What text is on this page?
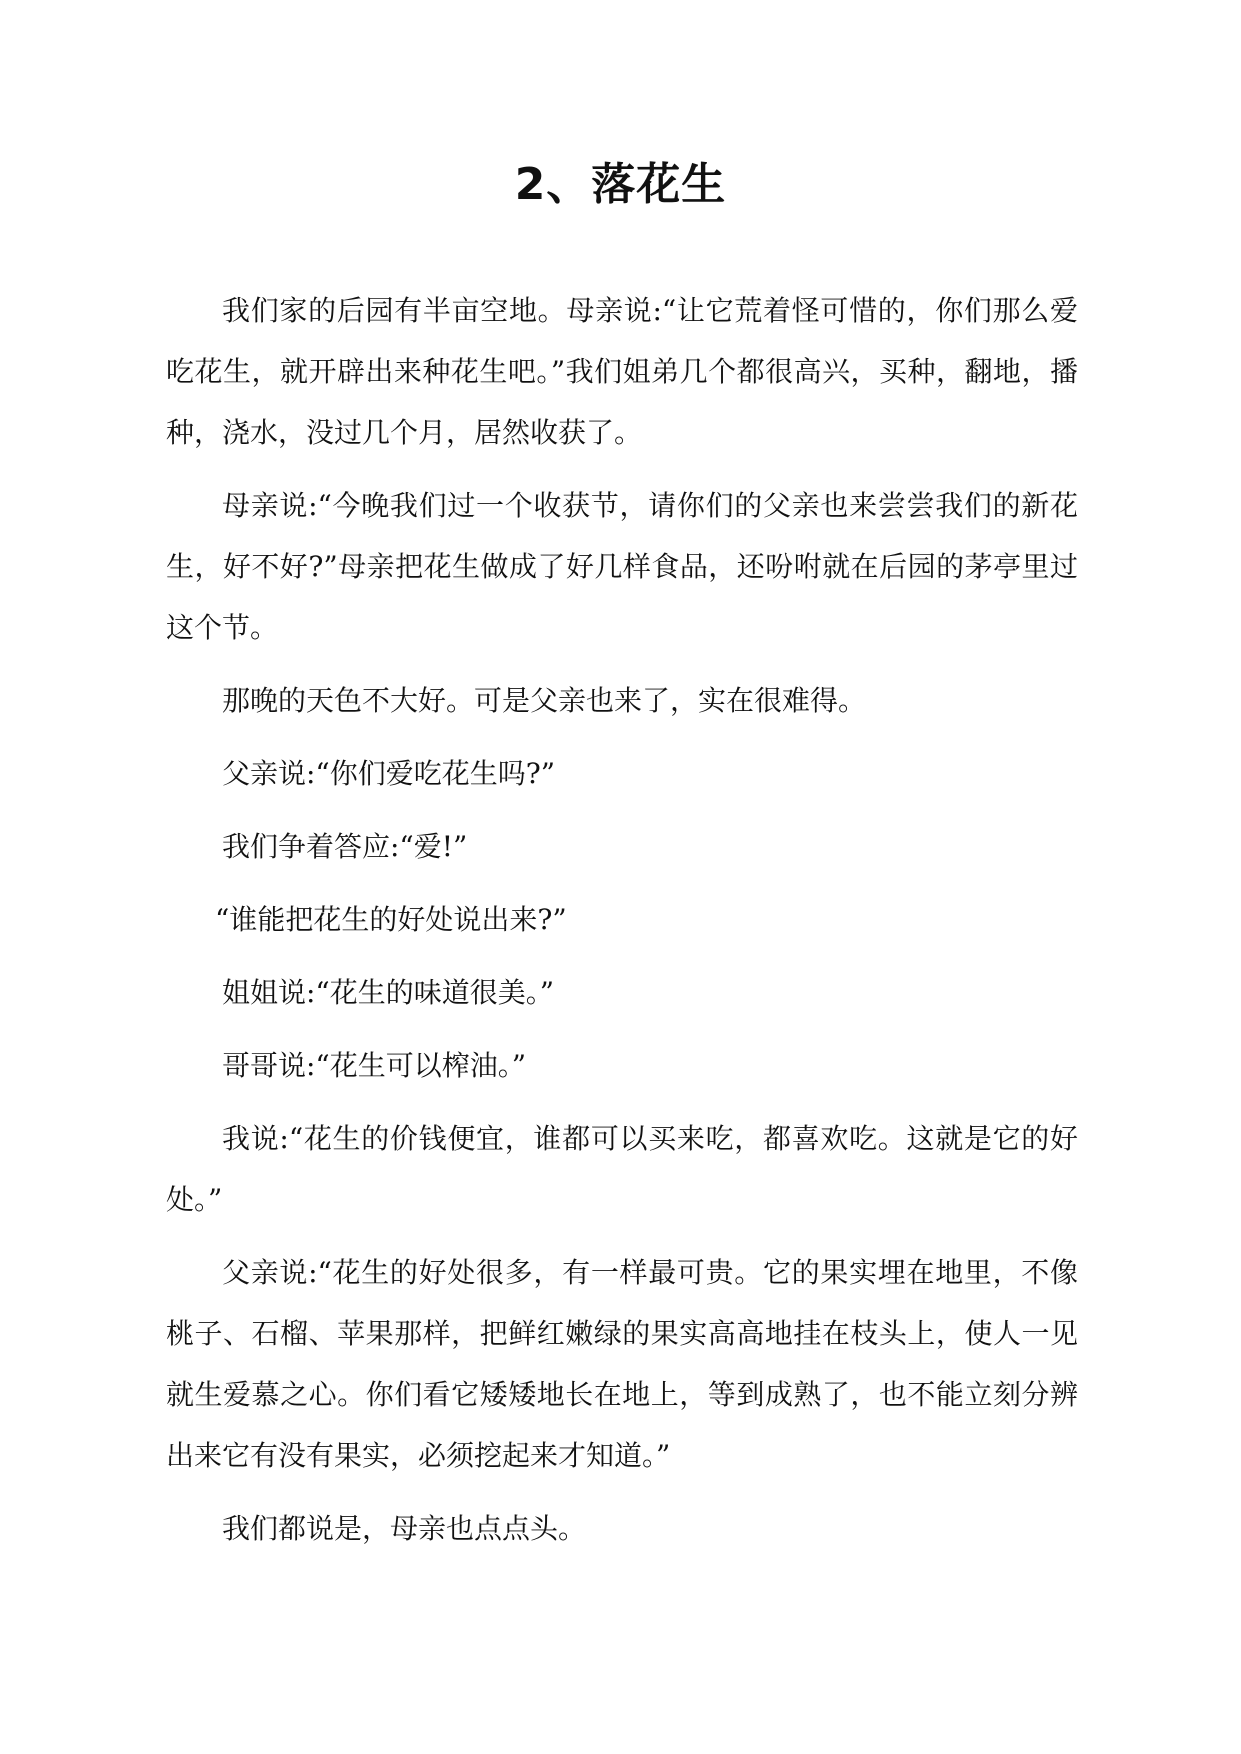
2、落花生

我们家的后园有半亩空地。母亲说:“让它荒着怪可惜的，你们那么爱吃花生，就开辟出来种花生吧。”我们姐弟几个都很高兴，买种，翻地，播种，浇水，没过几个月，居然收获了。

母亲说:“今晚我们过一个收获节，请你们的父亲也来尝尝我们的新花生，好不好?”母亲把花生做成了好几样食品，还吩咐就在后园的茅亭里过这个节。

那晚的天色不大好。可是父亲也来了，实在很难得。

父亲说:“你们爱吃花生吗?”

我们争着答应:“爱!”

“谁能把花生的好处说出来?”

姐姐说:“花生的味道很美。”

哥哥说:“花生可以榨油。”

我说:“花生的价钱便宜，谁都可以买来吃，都喜欢吃。这就是它的好处。”

父亲说:“花生的好处很多，有一样最可贵。它的果实埋在地里，不像桃子、石榴、苹果那样，把鲜红嫩绿的果实高高地挂在枝头上，使人一见就生爱慕之心。你们看它矮矮地长在地上，等到成熟了，也不能立刻分辨出来它有没有果实，必须挖起来才知道。”

我们都说是，母亲也点点头。
